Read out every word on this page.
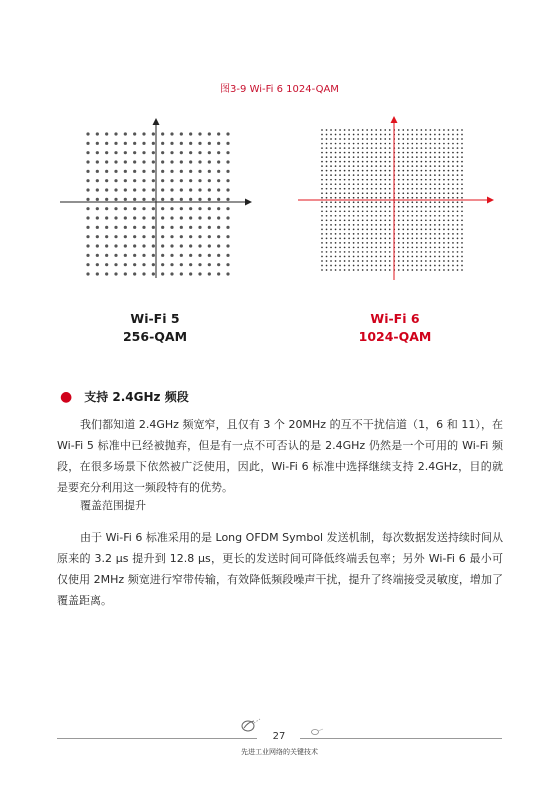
图3-9 Wi-Fi 6 1024-QAM
Wi-Fi 5
256-QAM
Wi-Fi 6
1024-QAM
● 支持 2.4GHz 频段
我们都知道 2.4GHz 频宽窄，且仅有 3 个 20MHz 的互不干扰信道（1，6 和 11），在 Wi-Fi 5 标准中已经被抛弃，但是有一点不可否认的是 2.4GHz 仍然是一个可用的 Wi-Fi 频段，在很多场景下依然被广泛使用，因此，Wi-Fi 6 标准中选择继续支持 2.4GHz，目的就是要充分利用这一频段特有的优势。
覆盖范围提升
由于 Wi-Fi 6 标准采用的是 Long OFDM Symbol 发送机制，每次数据发送持续时间从原来的 3.2 μs 提升到 12.8 μs，更长的发送时间可降低终端丢包率；另外 Wi-Fi 6 最小可仅使用 2MHz 频宽进行窄带传输，有效降低频段噪声干扰，提升了终端接受灵敏度，增加了覆盖距离。
27
先进工业网络的关键技术
